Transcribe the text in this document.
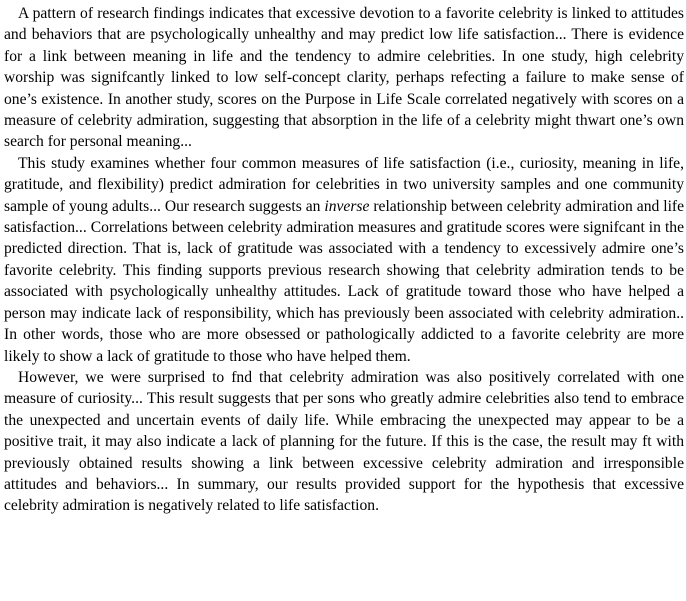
A pattern of research findings indicates that excessive devotion to a favorite celebrity is linked to attitudes and behaviors that are psychologically unhealthy and may predict low life satisfaction... There is evidence for a link between meaning in life and the tendency to admire celebrities. In one study, high celebrity worship was signifcantly linked to low self-concept clarity, perhaps refecting a failure to make sense of one’s existence. In another study, scores on the Purpose in Life Scale correlated negatively with scores on a measure of celebrity admiration, suggesting that absorption in the life of a celebrity might thwart one’s own search for personal meaning...

This study examines whether four common measures of life satisfaction (i.e., curiosity, meaning in life, gratitude, and flexibility) predict admiration for celebrities in two university samples and one community sample of young adults... Our research suggests an inverse relationship between celebrity admiration and life satisfaction... Correlations between celebrity admiration measures and gratitude scores were signifcant in the predicted direction. That is, lack of gratitude was associated with a tendency to excessively admire one’s favorite celebrity. This finding supports previous research showing that celebrity admiration tends to be associated with psychologically unhealthy attitudes. Lack of gratitude toward those who have helped a person may indicate lack of responsibility, which has previously been associated with celebrity admiration.. In other words, those who are more obsessed or pathologically addicted to a favorite celebrity are more likely to show a lack of gratitude to those who have helped them.

However, we were surprised to fnd that celebrity admiration was also positively correlated with one measure of curiosity... This result suggests that per sons who greatly admire celebrities also tend to embrace the unexpected and uncertain events of daily life. While embracing the unexpected may appear to be a positive trait, it may also indicate a lack of planning for the future. If this is the case, the result may ft with previously obtained results showing a link between excessive celebrity admiration and irresponsible attitudes and behaviors... In summary, our results provided support for the hypothesis that excessive celebrity admiration is negatively related to life satisfaction.
